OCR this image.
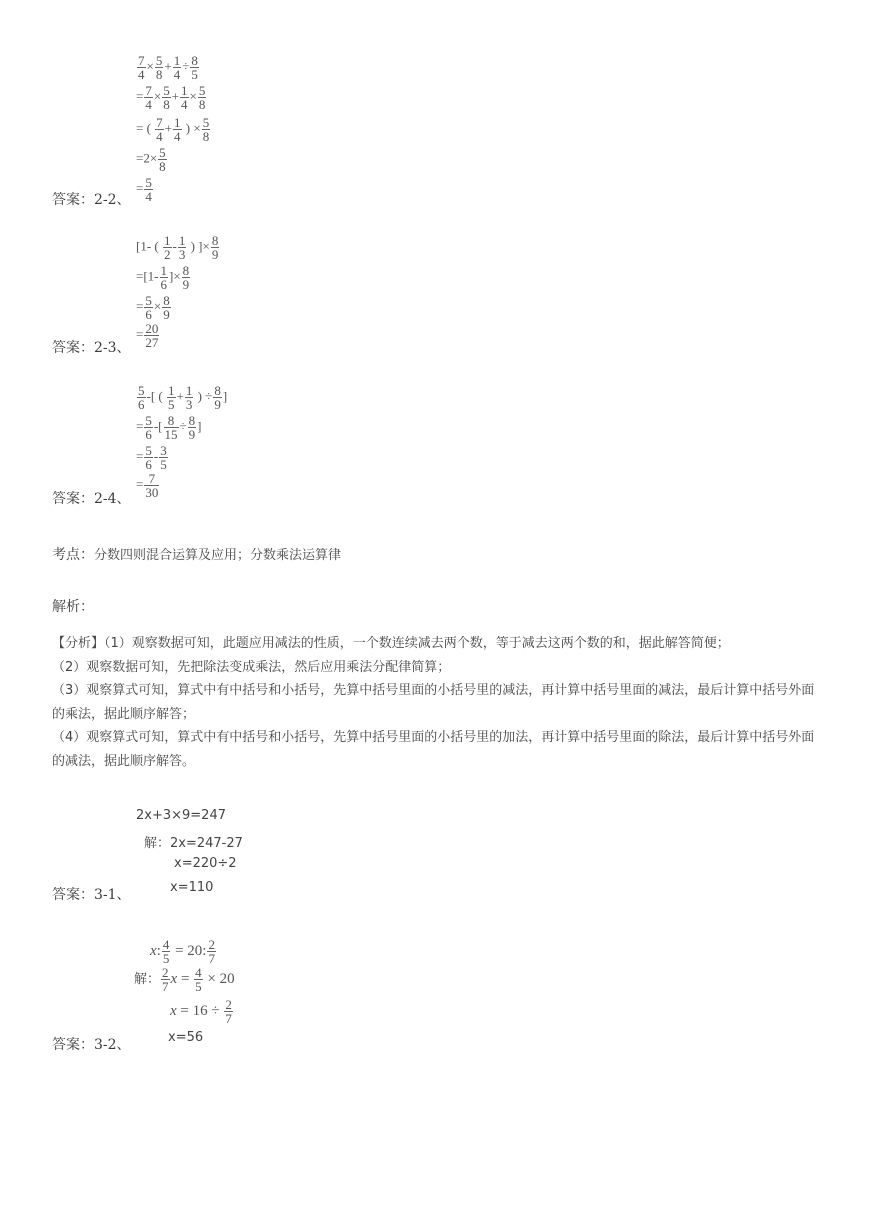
$\frac{7}{4} \times \frac{5}{8} + \frac{1}{4} \div \frac{8}{5}$
= $\frac{7}{4} \times \frac{5}{8} + \frac{1}{4} \times \frac{5}{8}$
= ( $\frac{7}{4} + \frac{1}{4}$ ) × $\frac{5}{8}$
$=2\times \frac{5}{8}$
= $\frac{5}{4}$
答案：2-2、
[1- ( $\frac{1}{2} - \frac{1}{3}$ ) ]× $\frac{8}{9}$
$=[1- \frac{1}{6}$ ]× $\frac{8}{9}$
= $\frac{5}{6} \times \frac{8}{9}$
= $\frac{20}{27}$
答案：2-3、
$\frac{5}{6}$ -[ ( $\frac{1}{5} + \frac{1}{3}$ ) ÷ $\frac{8}{9}$ ]
= $\frac{5}{6}$ -[ $\frac{8}{15} \div \frac{8}{9}$ ]
= $\frac{5}{6} - \frac{3}{5}$
= $\frac{7}{30}$
答案：2-4、
考点：分数四则混合运算及应用；分数乘法运算律
解析：

【分析】（1）观察数据可知，此题应用减法的性质，一个数连续减去两个数，等于减去这两个数的和，据此解答简便；

（2）观察数据可知，先把除法变成乘法，然后应用乘法分配律简算；

（3）观察算式可知，算式中有中括号和小括号，先算中括号里面的小括号里的减法，再计算中括号里面的减法，最后计算中括号外面的乘法，据此顺序解答；

（4）观察算式可知，算式中有中括号和小括号，先算中括号里面的小括号里的加法，再计算中括号里面的除法，最后计算中括号外面的减法，据此顺序解答。

2x+3×9=247
解：2x=247-27
x=220÷2
x=110
答案：3-1、
x: $\frac{4}{5} = 20$: $\frac{2}{7}$
解： $\frac{2}{7}$ $x = \frac{4}{5} \times 20$
$x = 16 \div \frac{2}{7}$
x=56
答案：3-2、
